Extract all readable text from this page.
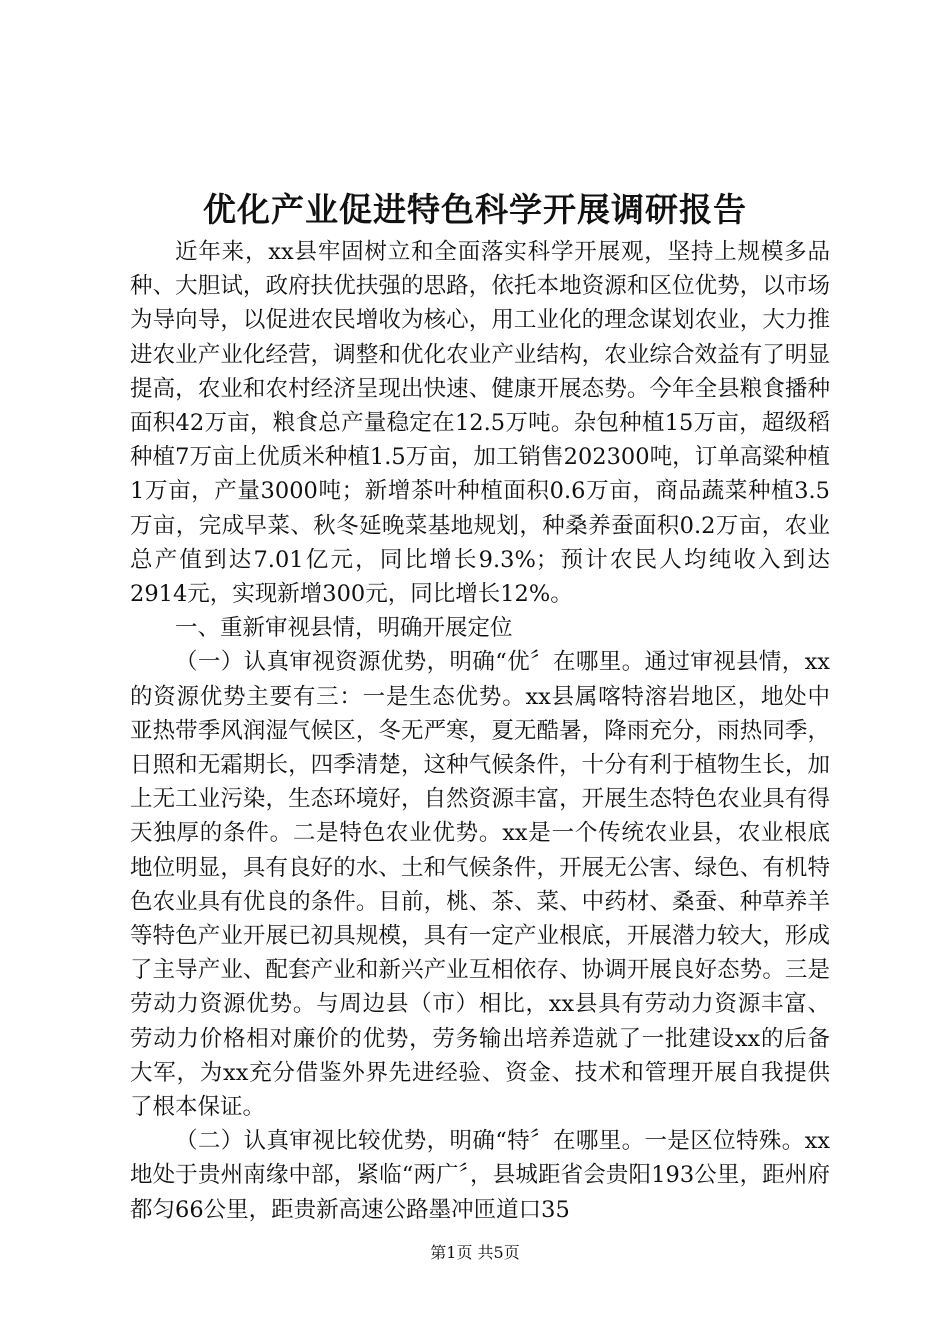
优化产业促进特色科学开展调研报告

近年来，xx县牢固树立和全面落实科学开展观，坚持上规模多品种、大胆试，政府扶优扶强的思路，依托本地资源和区位优势，以市场为导向导，以促进农民增收为核心，用工业化的理念谋划农业，大力推进农业产业化经营，调整和优化农业产业结构，农业综合效益有了明显提高，农业和农村经济呈现出快速、健康开展态势。今年全县粮食播种面积42万亩，粮食总产量稳定在12.5万吨。杂包种植15万亩，超级稻种植7万亩上优质米种植1.5万亩，加工销售202300吨，订单高粱种植1万亩，产量3000吨；新增茶叶种植面积0.6万亩，商品蔬菜种植3.5万亩，完成早菜、秋冬延晚菜基地规划，种桑养蚕面积0.2万亩，农业总产值到达7.01亿元，同比增长9.3%；预计农民人均纯收入到达2914元，实现新增300元，同比增长12%。

一、重新审视县情，明确开展定位

（一）认真审视资源优势，明确“优〞在哪里。通过审视县情，xx的资源优势主要有三：一是生态优势。xx县属喀特溶岩地区，地处中亚热带季风润湿气候区，冬无严寒，夏无酷暑，降雨充分，雨热同季，日照和无霜期长，四季清楚，这种气候条件，十分有利于植物生长，加上无工业污染，生态环境好，自然资源丰富，开展生态特色农业具有得天独厚的条件。二是特色农业优势。xx是一个传统农业县，农业根底地位明显，具有良好的水、土和气候条件，开展无公害、绿色、有机特色农业具有优良的条件。目前，桃、茶、菜、中药材、桑蚕、种草养羊等特色产业开展已初具规模，具有一定产业根底，开展潜力较大，形成了主导产业、配套产业和新兴产业互相依存、协调开展良好态势。三是劳动力资源优势。与周边县（市）相比，xx县具有劳动力资源丰富、劳动力价格相对廉价的优势，劳务输出培养造就了一批建设xx的后备大军，为xx充分借鉴外界先进经验、资金、技术和管理开展自我提供了根本保证。

（二）认真审视比较优势，明确“特〞在哪里。一是区位特殊。xx地处于贵州南缘中部，紧临“两广〞，县城距省会贵阳193公里，距州府都匀66公里，距贵新高速公路墨冲匝道口35

第1页 共5页
